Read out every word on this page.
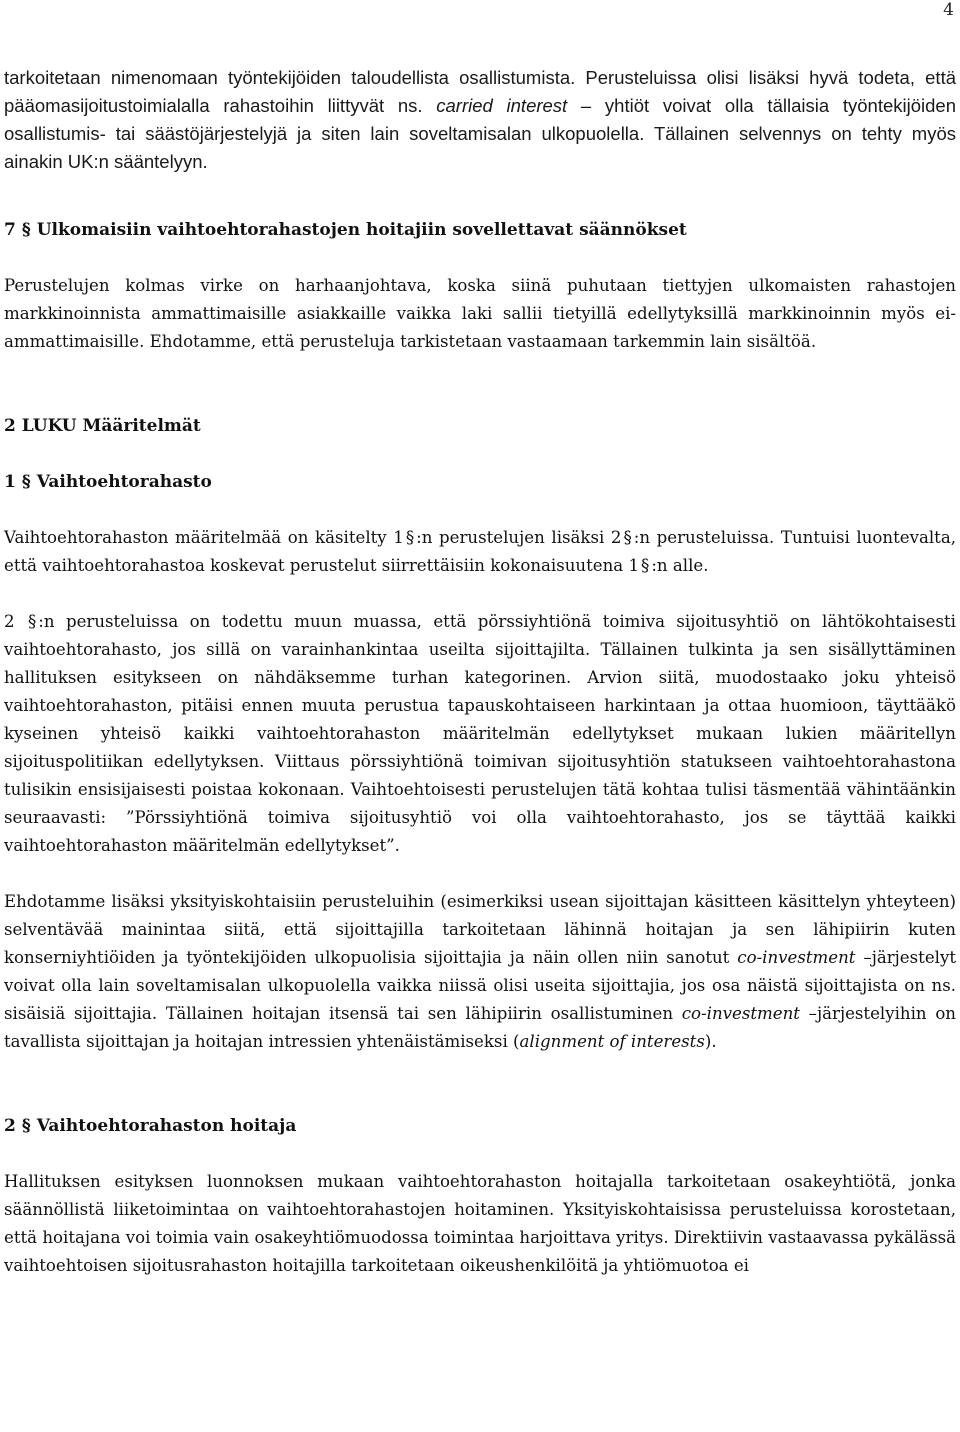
4

tarkoitetaan nimenomaan työntekijöiden taloudellista osallistumista. Perusteluissa olisi lisäksi hyvä todeta, että pääomasijoitustoimialalla rahastoihin liittyvät ns. carried interest – yhtiöt voivat olla tällaisia työntekijöiden osallistumis- tai säästöjärjestelyjä ja siten lain soveltamisalan ulkopuolella. Tällainen selvennys on tehty myös ainakin UK:n sääntelyyn.

7 § Ulkomaisiin vaihtoehtorahastojen hoitajiin sovellettavat säännökset

Perustelujen kolmas virke on harhaanjohtava, koska siinä puhutaan tiettyjen ulkomaisten rahastojen markkinoinnista ammattimaisille asiakkaille vaikka laki sallii tietyillä edellytyksillä markkinoinnin myös ei-ammattimaisille. Ehdotamme, että perusteluja tarkistetaan vastaamaan tarkemmin lain sisältöä.

2 LUKU Määritelmät
1 § Vaihtoehtorahasto

Vaihtoehtorahaston määritelmää on käsitelty 1 § :n perustelujen lisäksi 2 § :n perusteluissa. Tuntuisi luontevalta, että vaihtoehtorahastoa koskevat perustelut siirrettäisiin kokonaisuutena 1 § :n alle.

2 § :n perusteluissa on todettu muun muassa, että pörssiyhtiönä toimiva sijoitusyhtiö on lähtökohtaisesti vaihtoehtorahasto, jos sillä on varainhankintaa useilta sijoittajilta. Tällainen tulkinta ja sen sisällyttäminen hallituksen esitykseen on nähdäksemme turhan kategorinen. Arvion siitä, muodostaako joku yhteisö vaihtoehtorahaston, pitäisi ennen muuta perustua tapauskohtaiseen harkintaan ja ottaa huomioon, täyttääkö kyseinen yhteisö kaikki vaihtoehtorahaston määritelmän edellytykset mukaan lukien määritellyn sijoituspolitiikan edellytyksen. Viittaus pörssiyhtiönä toimivan sijoitusyhtiön statukseen vaihtoehtorahastona tulisikin ensisijaisesti poistaa kokonaan. Vaihtoehtoisesti perustelujen tätä kohtaa tulisi täsmentää vähintäänkin seuraavasti: ”Pörssiyhtiönä toimiva sijoitusyhtiö voi olla vaihtoehtorahasto, jos se täyttää kaikki vaihtoehtorahaston määritelmän edellytykset”.

Ehdotamme lisäksi yksityiskohtaisiin perusteluihin (esimerkiksi usean sijoittajan käsitteen käsittelyn yhteyteen) selventävää mainintaa siitä, että sijoittajilla tarkoitetaan lähinnä hoitajan ja sen lähipiirin kuten konserniyhtiöiden ja työntekijöiden ulkopuolisia sijoittajia ja näin ollen niin sanotut co-investment –järjestelyt voivat olla lain soveltamisalan ulkopuolella vaikka niissä olisi useita sijoittajia, jos osa näistä sijoittajista on ns. sisäisiä sijoittajia. Tällainen hoitajan itsensä tai sen lähipiirin osallistuminen co-investment –järjestelyihin on tavallista sijoittajan ja hoitajan intressien yhtenäistämiseksi (alignment of interests).

2 § Vaihtoehtorahaston hoitaja

Hallituksen esityksen luonnoksen mukaan vaihtoehtorahaston hoitajalla tarkoitetaan osakeyhtiötä, jonka säännöllistä liiketoimintaa on vaihtoehtorahastojen hoitaminen. Yksityiskohtaisissa perusteluissa korostetaan, että hoitajana voi toimia vain osakeyhtiömuodossa toimintaa harjoittava yritys. Direktiivin vastaavassa pykälässä vaihtoehtoisen sijoitusrahaston hoitajilla tarkoitetaan oikeushenkilöitä ja yhtiömuotoa ei
